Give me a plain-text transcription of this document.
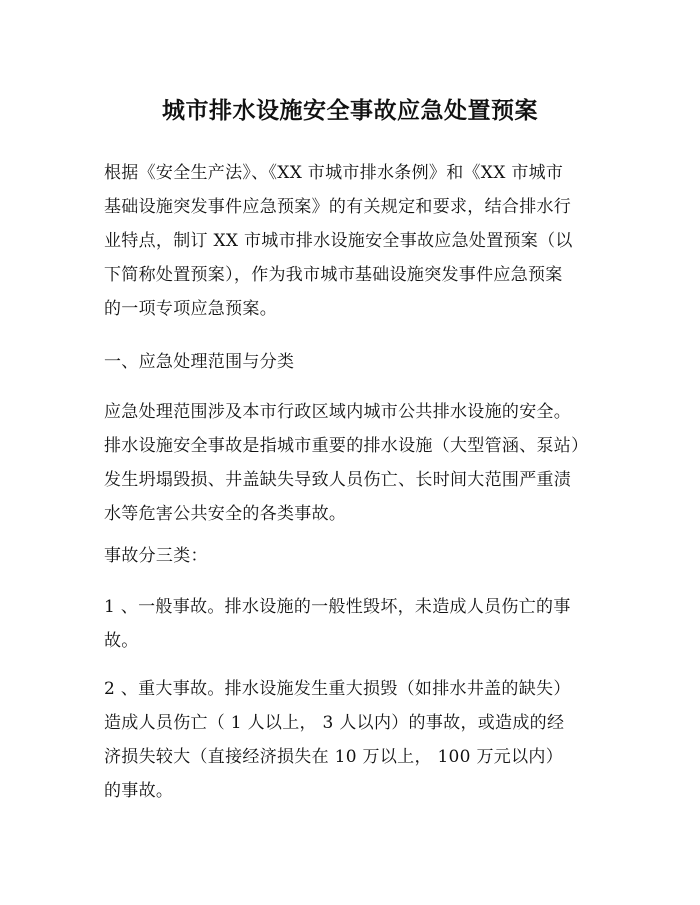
城市排水设施安全事故应急处置预案
根据《安全生产法》、《XX 市城市排水条例》和《XX 市城市
基础设施突发事件应急预案》的有关规定和要求，结合排水行
业特点，制订 XX 市城市排水设施安全事故应急处置预案（以
下简称处置预案），作为我市城市基础设施突发事件应急预案
的一项专项应急预案。
一、应急处理范围与分类
应急处理范围涉及本市行政区域内城市公共排水设施的安全。
排水设施安全事故是指城市重要的排水设施（大型管涵、泵站）
发生坍塌毁损、井盖缺失导致人员伤亡、长时间大范围严重渍
水等危害公共安全的各类事故。
事故分三类：
1 、一般事故。排水设施的一般性毁坏，未造成人员伤亡的事
故。
2 、重大事故。排水设施发生重大损毁（如排水井盖的缺失）
造成人员伤亡（ 1 人以上， 3 人以内）的事故，或造成的经
济损失较大（直接经济损失在 10 万以上， 100 万元以内）
的事故。
